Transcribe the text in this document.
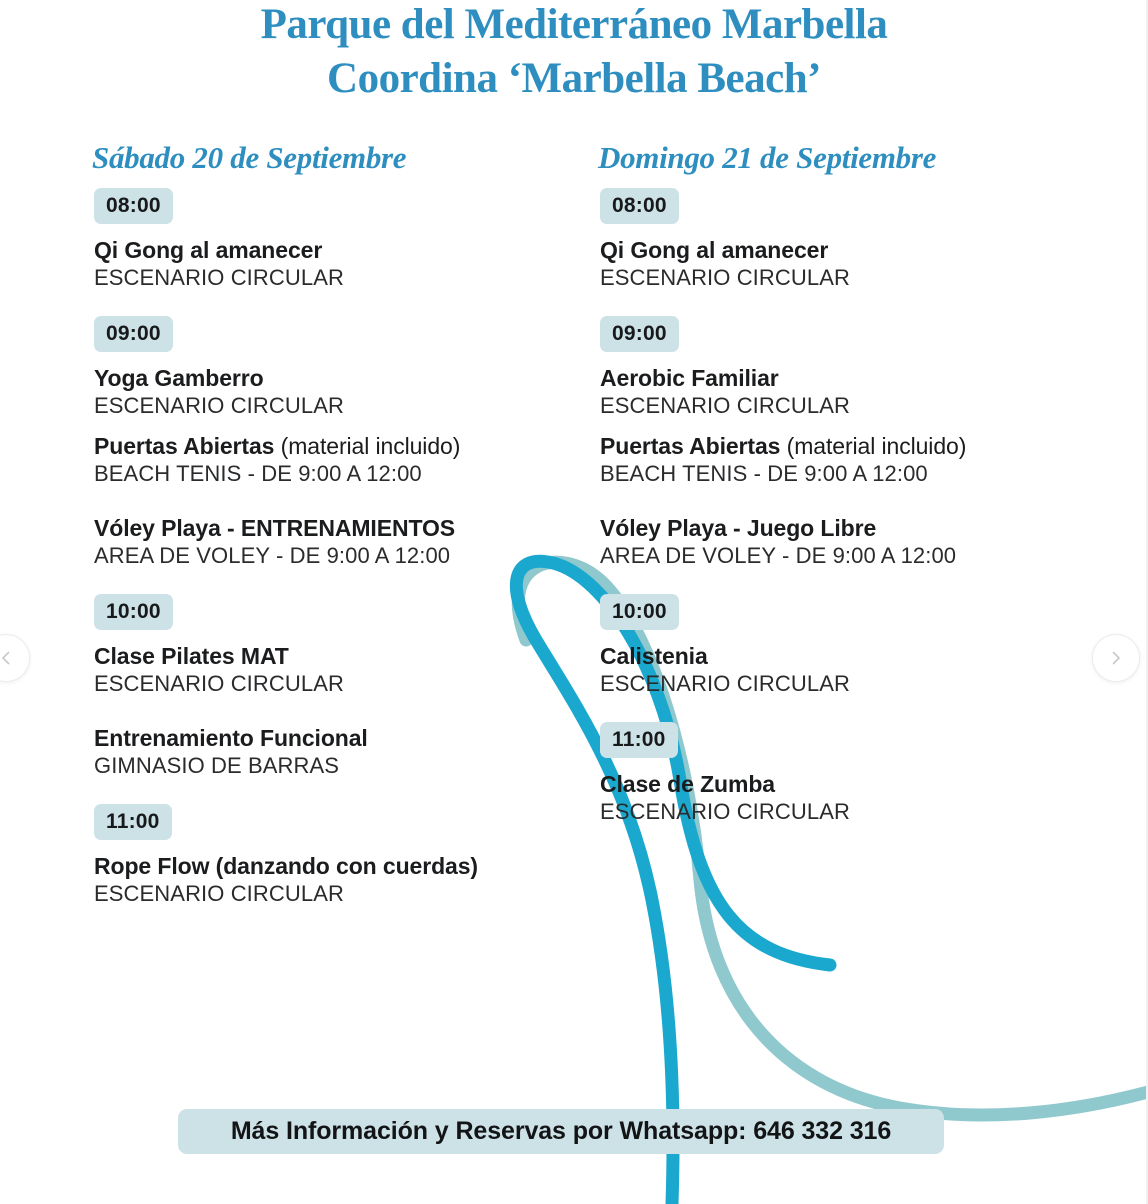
Parque del Mediterráneo Marbella
Coordina ‘Marbella Beach’
Sábado 20 de Septiembre
08:00
Qi Gong al amanecer
ESCENARIO CIRCULAR
09:00
Yoga Gamberro
ESCENARIO CIRCULAR
Puertas Abiertas (material incluido)
BEACH TENIS - DE 9:00 A 12:00
Vóley Playa - ENTRENAMIENTOS
AREA DE VOLEY - DE 9:00 A 12:00
10:00
Clase Pilates MAT
ESCENARIO CIRCULAR
Entrenamiento Funcional
GIMNASIO DE BARRAS
11:00
Rope Flow (danzando con cuerdas)
ESCENARIO CIRCULAR
Domingo 21 de Septiembre
08:00
Qi Gong al amanecer
ESCENARIO CIRCULAR
09:00
Aerobic Familiar
ESCENARIO CIRCULAR
Puertas Abiertas (material incluido)
BEACH TENIS - DE 9:00 A 12:00
Vóley Playa - Juego Libre
AREA DE VOLEY - DE 9:00 A 12:00
10:00
Calistenia
ESCENARIO CIRCULAR
11:00
Clase de Zumba
ESCENARIO CIRCULAR
Más Información y Reservas por Whatsapp: 646 332 316
